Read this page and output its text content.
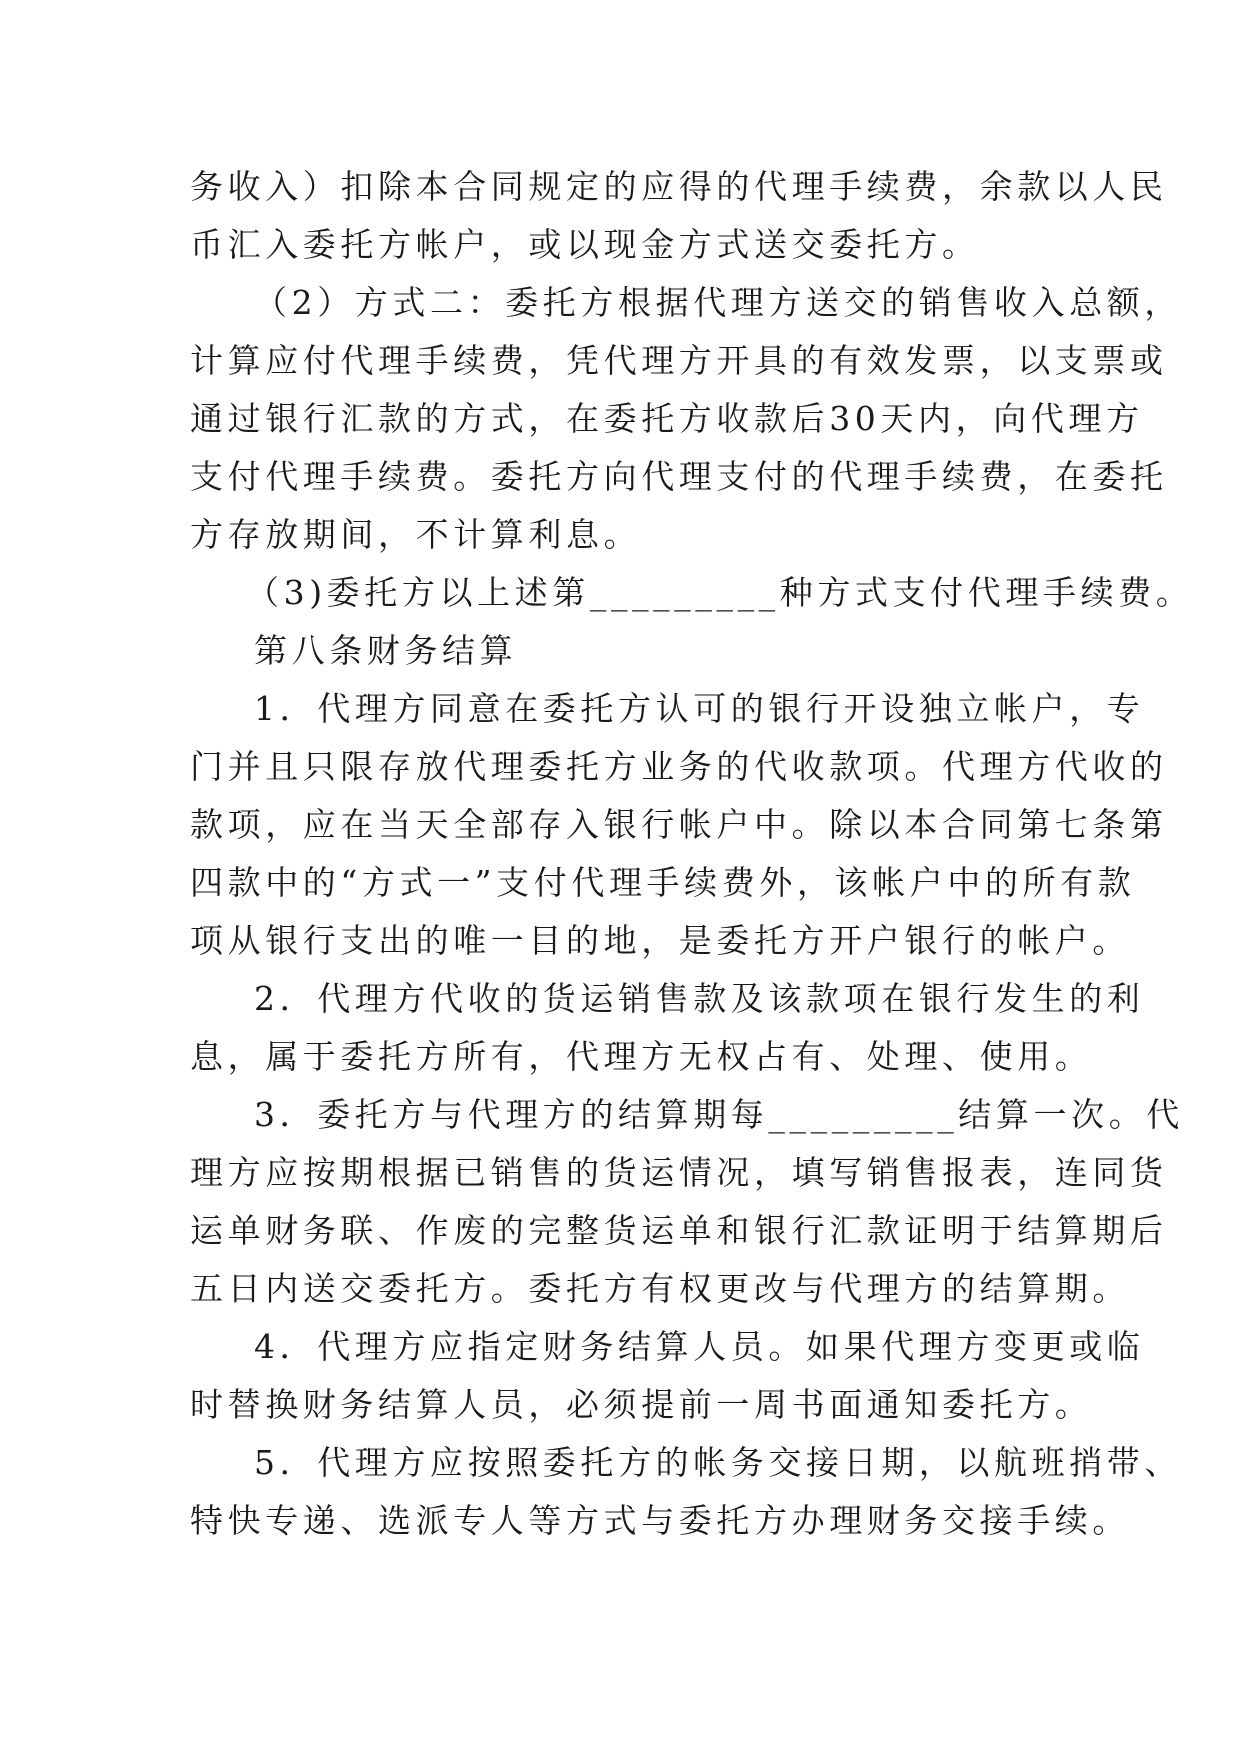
务收入）扣除本合同规定的应得的代理手续费，余款以人民
币汇入委托方帐户，或以现金方式送交委托方。
（2）方式二：委托方根据代理方送交的销售收入总额，
计算应付代理手续费，凭代理方开具的有效发票，以支票或
通过银行汇款的方式，在委托方收款后30天内，向代理方
支付代理手续费。委托方向代理支付的代理手续费，在委托
方存放期间，不计算利息。
（3)委托方以上述第_________种方式支付代理手续费。
第八条财务结算
1．代理方同意在委托方认可的银行开设独立帐户，专
门并且只限存放代理委托方业务的代收款项。代理方代收的
款项，应在当天全部存入银行帐户中。除以本合同第七条第
四款中的“方式一”支付代理手续费外，该帐户中的所有款
项从银行支出的唯一目的地，是委托方开户银行的帐户。
2．代理方代收的货运销售款及该款项在银行发生的利
息，属于委托方所有，代理方无权占有、处理、使用。
3．委托方与代理方的结算期每_________结算一次。代
理方应按期根据已销售的货运情况，填写销售报表，连同货
运单财务联、作废的完整货运单和银行汇款证明于结算期后
五日内送交委托方。委托方有权更改与代理方的结算期。
4．代理方应指定财务结算人员。如果代理方变更或临
时替换财务结算人员，必须提前一周书面通知委托方。
5．代理方应按照委托方的帐务交接日期，以航班捎带、
特快专递、选派专人等方式与委托方办理财务交接手续。
